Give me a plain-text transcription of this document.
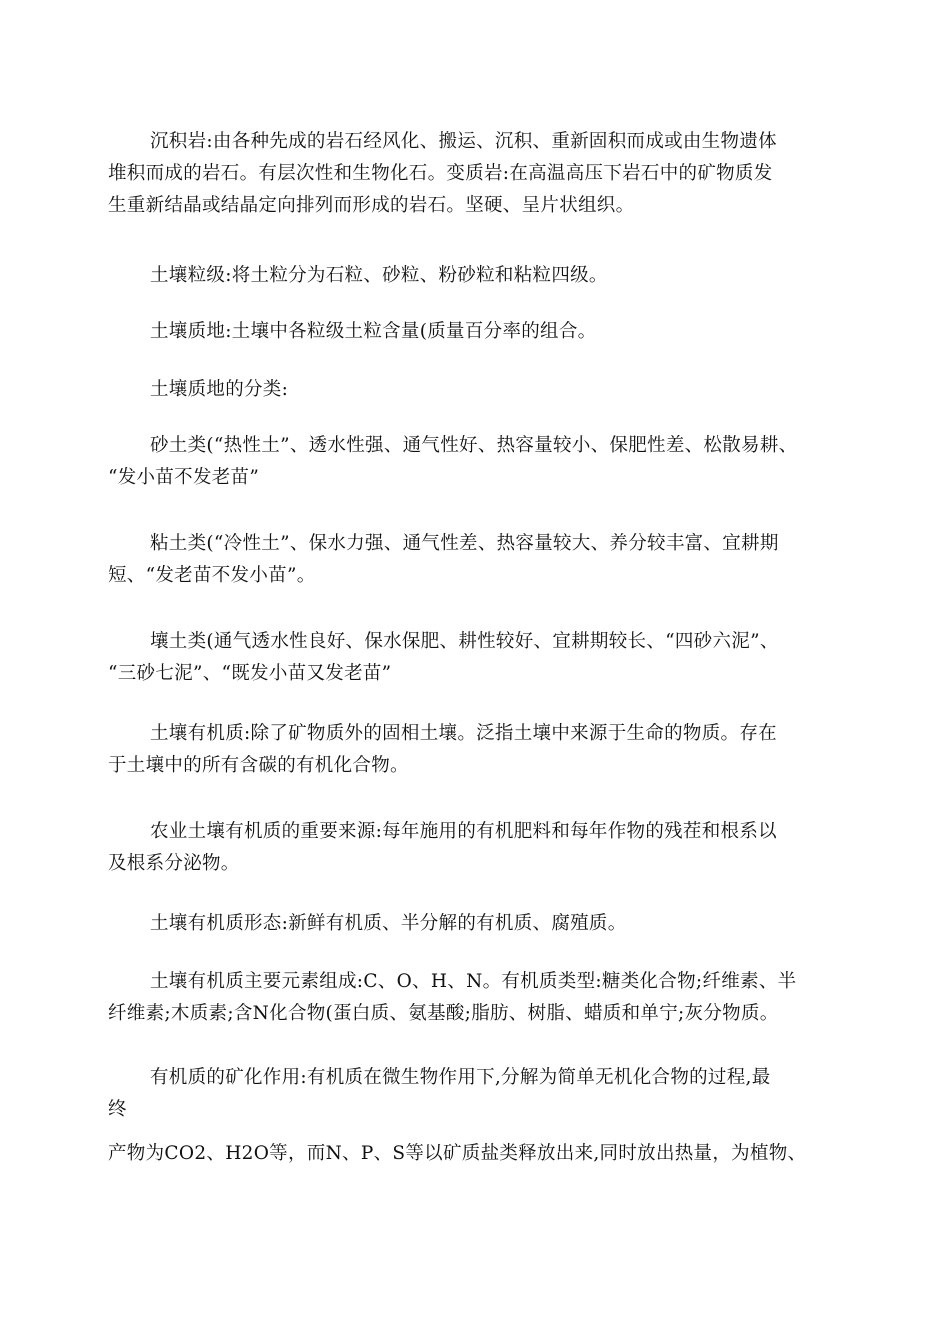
沉积岩:由各种先成的岩石经风化、搬运、沉积、重新固积而成或由生物遗体
堆积而成的岩石。有层次性和生物化石。变质岩:在高温高压下岩石中的矿物质发
生重新结晶或结晶定向排列而形成的岩石。坚硬、呈片状组织。

土壤粒级:将土粒分为石粒、砂粒、粉砂粒和粘粒四级。

土壤质地:土壤中各粒级土粒含量(质量百分率的组合。

土壤质地的分类:

砂土类(“热性土”、透水性强、通气性好、热容量较小、保肥性差、松散易耕、
“发小苗不发老苗”

粘土类(“冷性土”、保水力强、通气性差、热容量较大、养分较丰富、宜耕期
短、“发老苗不发小苗”。

壤土类(通气透水性良好、保水保肥、耕性较好、宜耕期较长、“四砂六泥”、
“三砂七泥”、“既发小苗又发老苗”

土壤有机质:除了矿物质外的固相土壤。泛指土壤中来源于生命的物质。存在
于土壤中的所有含碳的有机化合物。

农业土壤有机质的重要来源:每年施用的有机肥料和每年作物的残茬和根系以
及根系分泌物。

土壤有机质形态:新鲜有机质、半分解的有机质、腐殖质。

土壤有机质主要元素组成:C、O、H、N。有机质类型:糖类化合物;纤维素、半
纤维素;木质素;含N化合物(蛋白质、氨基酸;脂肪、树脂、蜡质和单宁;灰分物质。

有机质的矿化作用:有机质在微生物作用下,分解为简单无机化合物的过程,最
终

产物为CO2、H2O等，而N、P、S等以矿质盐类释放出来,同时放出热量，为植物、
